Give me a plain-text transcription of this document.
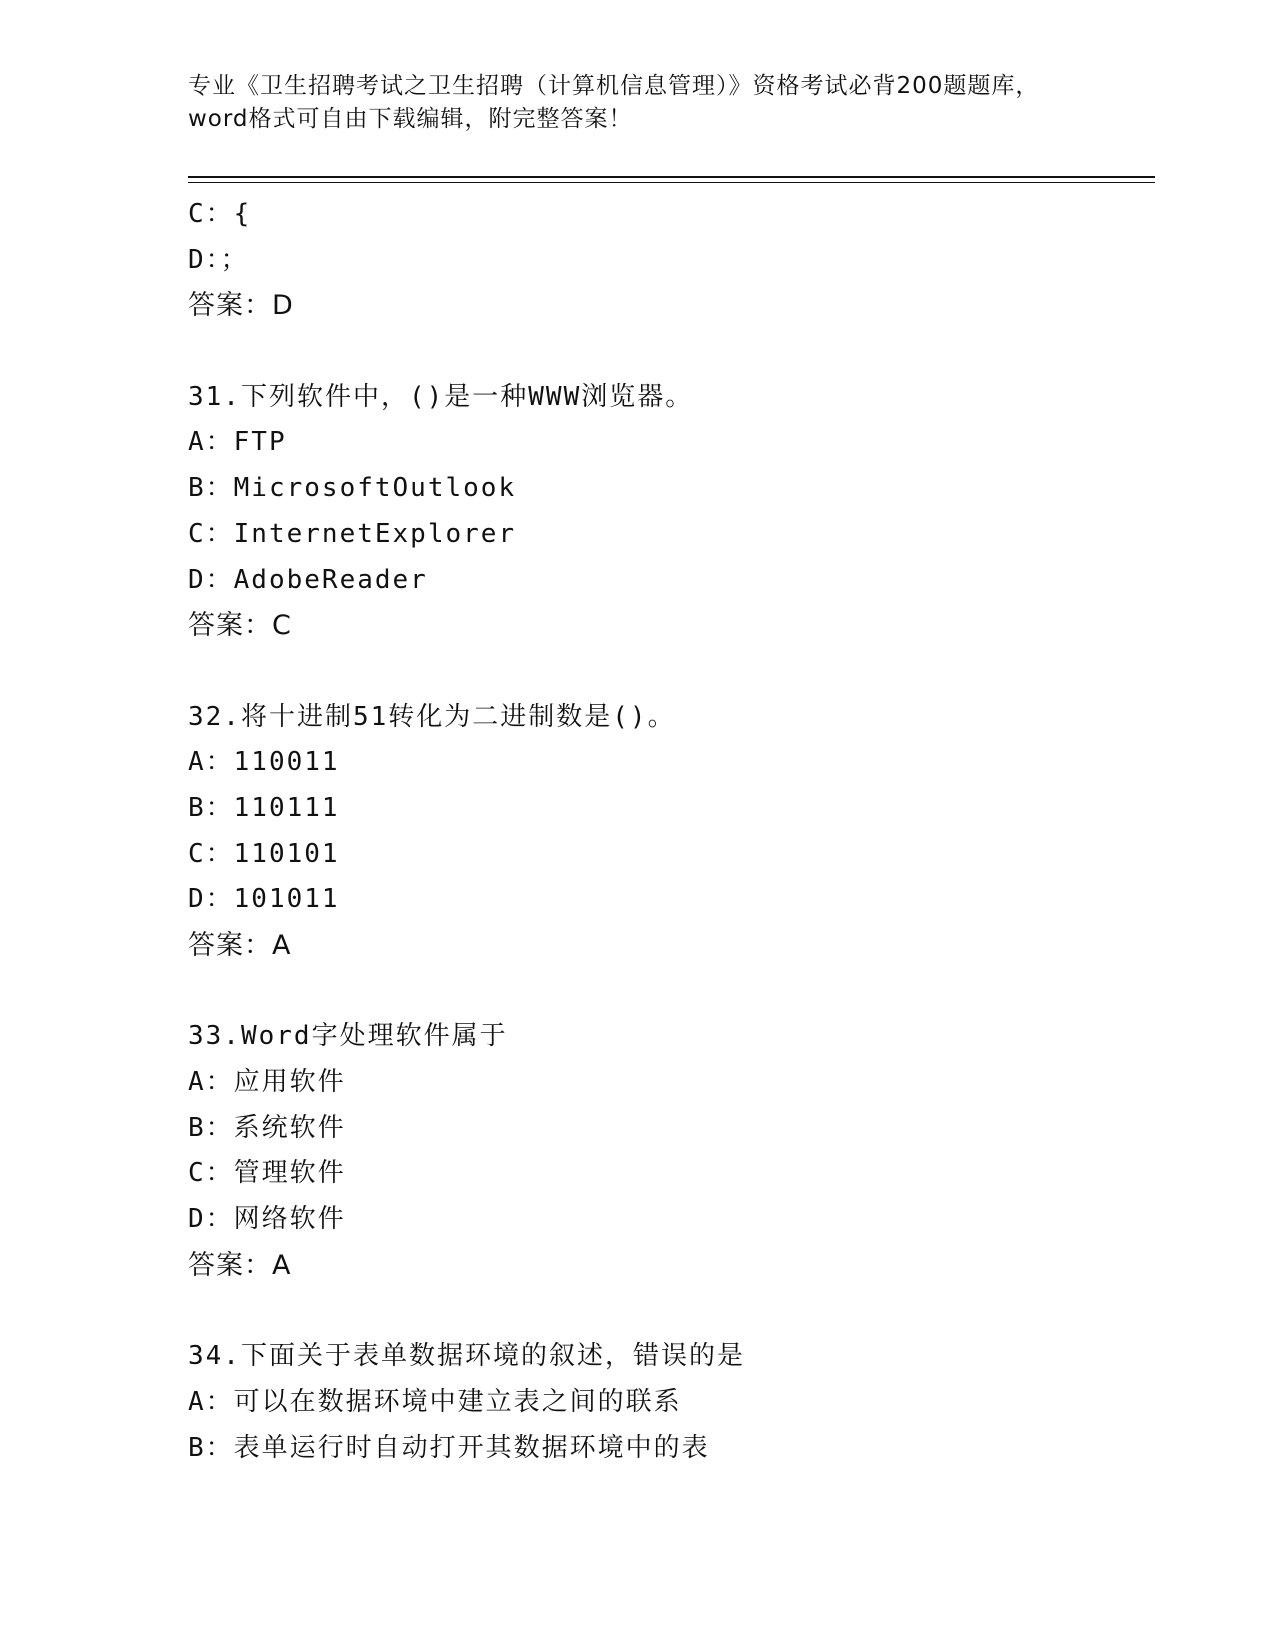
专业《卫生招聘考试之卫生招聘（计算机信息管理）》资格考试必背200题题库，
word格式可自由下载编辑，附完整答案！
C：{
D：；
答案：D
31.下列软件中，()是一种WWW浏览器。
A：FTP
B：MicrosoftOutlook
C：InternetExplorer
D：AdobeReader
答案：C
32.将十进制51转化为二进制数是()。
A：110011
B：110111
C：110101
D：101011
答案：A
33.Word字处理软件属于
A：应用软件
B：系统软件
C：管理软件
D：网络软件
答案：A
34.下面关于表单数据环境的叙述，错误的是
A：可以在数据环境中建立表之间的联系
B：表单运行时自动打开其数据环境中的表
